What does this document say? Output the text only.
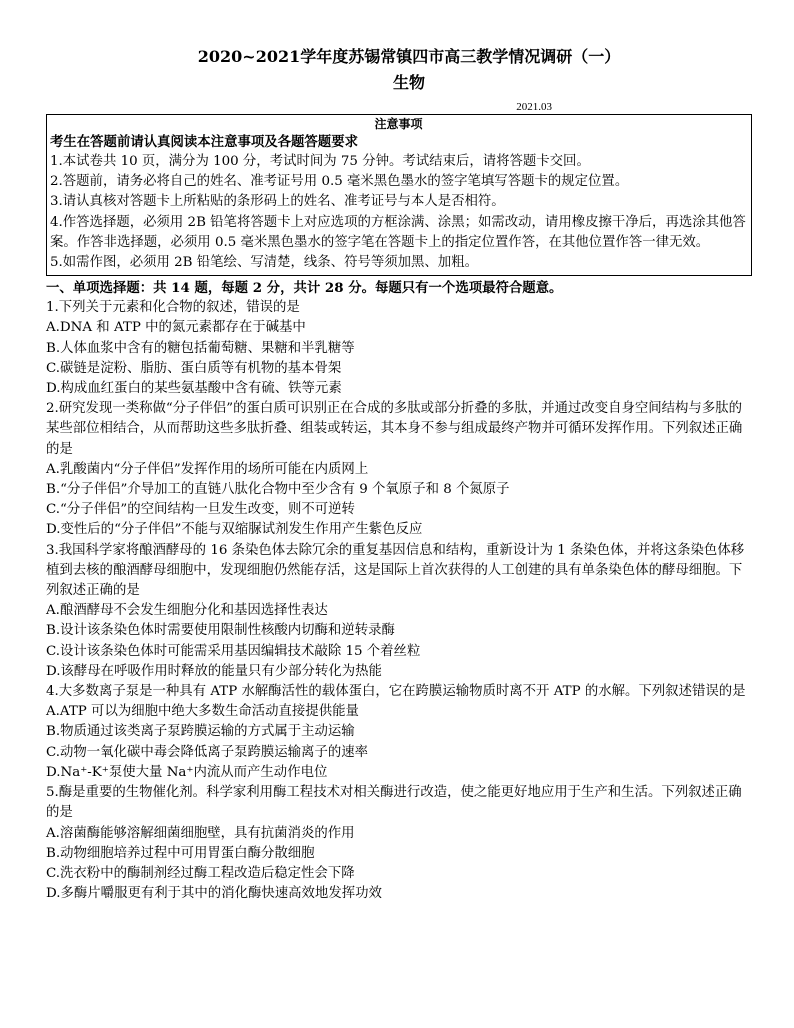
2020~2021学年度苏锡常镇四市高三教学情况调研（一）
生物
2021.03
注意事项
考生在答题前请认真阅读本注意事项及各题答题要求
1.本试卷共 10 页，满分为 100 分，考试时间为 75 分钟。考试结束后，请将答题卡交回。
2.答题前，请务必将自己的姓名、准考证号用 0.5 毫米黑色墨水的签字笔填写答题卡的规定位置。
3.请认真核对答题卡上所粘贴的条形码上的姓名、准考证号与本人是否相符。
4.作答选择题，必须用 2B 铅笔将答题卡上对应选项的方框涂满、涂黑；如需改动，请用橡皮擦干净后，再选涂其他答案。作答非选择题，必须用 0.5 毫米黑色墨水的签字笔在答题卡上的指定位置作答，在其他位置作答一律无效。
5.如需作图，必须用 2B 铅笔绘、写清楚，线条、符号等须加黑、加粗。
一、单项选择题：共 14 题，每题 2 分，共计 28 分。每题只有一个选项最符合题意。
1.下列关于元素和化合物的叙述，错误的是
A.DNA 和 ATP 中的氮元素都存在于碱基中
B.人体血浆中含有的糖包括葡萄糖、果糖和半乳糖等
C.碳链是淀粉、脂肪、蛋白质等有机物的基本骨架
D.构成血红蛋白的某些氨基酸中含有硫、铁等元素
2.研究发现一类称做“分子伴侣”的蛋白质可识别正在合成的多肽或部分折叠的多肽，并通过改变自身空间结构与多肽的某些部位相结合，从而帮助这些多肽折叠、组装或转运，其本身不参与组成最终产物并可循环发挥作用。下列叙述正确的是
A.乳酸菌内“分子伴侣”发挥作用的场所可能在内质网上
B.“分子伴侣”介导加工的直链八肽化合物中至少含有 9 个氧原子和 8 个氮原子
C.“分子伴侣”的空间结构一旦发生改变，则不可逆转
D.变性后的“分子伴侣”不能与双缩脲试剂发生作用产生紫色反应
3.我国科学家将酿酒酵母的 16 条染色体去除冗余的重复基因信息和结构，重新设计为 1 条染色体，并将这条染色体移植到去核的酿酒酵母细胞中，发现细胞仍然能存活，这是国际上首次获得的人工创建的具有单条染色体的酵母细胞。下列叙述正确的是
A.酿酒酵母不会发生细胞分化和基因选择性表达
B.设计该条染色体时需要使用限制性核酸内切酶和逆转录酶
C.设计该条染色体时可能需采用基因编辑技术敲除 15 个着丝粒
D.该酵母在呼吸作用时释放的能量只有少部分转化为热能
4.大多数离子泵是一种具有 ATP 水解酶活性的载体蛋白，它在跨膜运输物质时离不开 ATP 的水解。下列叙述错误的是
A.ATP 可以为细胞中绝大多数生命活动直接提供能量
B.物质通过该类离子泵跨膜运输的方式属于主动运输
C.动物一氧化碳中毒会降低离子泵跨膜运输离子的速率
D.Na⁺-K⁺泵使大量 Na⁺内流从而产生动作电位
5.酶是重要的生物催化剂。科学家利用酶工程技术对相关酶进行改造，使之能更好地应用于生产和生活。下列叙述正确的是
A.溶菌酶能够溶解细菌细胞壁，具有抗菌消炎的作用
B.动物细胞培养过程中可用胃蛋白酶分散细胞
C.洗衣粉中的酶制剂经过酶工程改造后稳定性会下降
D.多酶片嚼服更有利于其中的消化酶快速高效地发挥功效
